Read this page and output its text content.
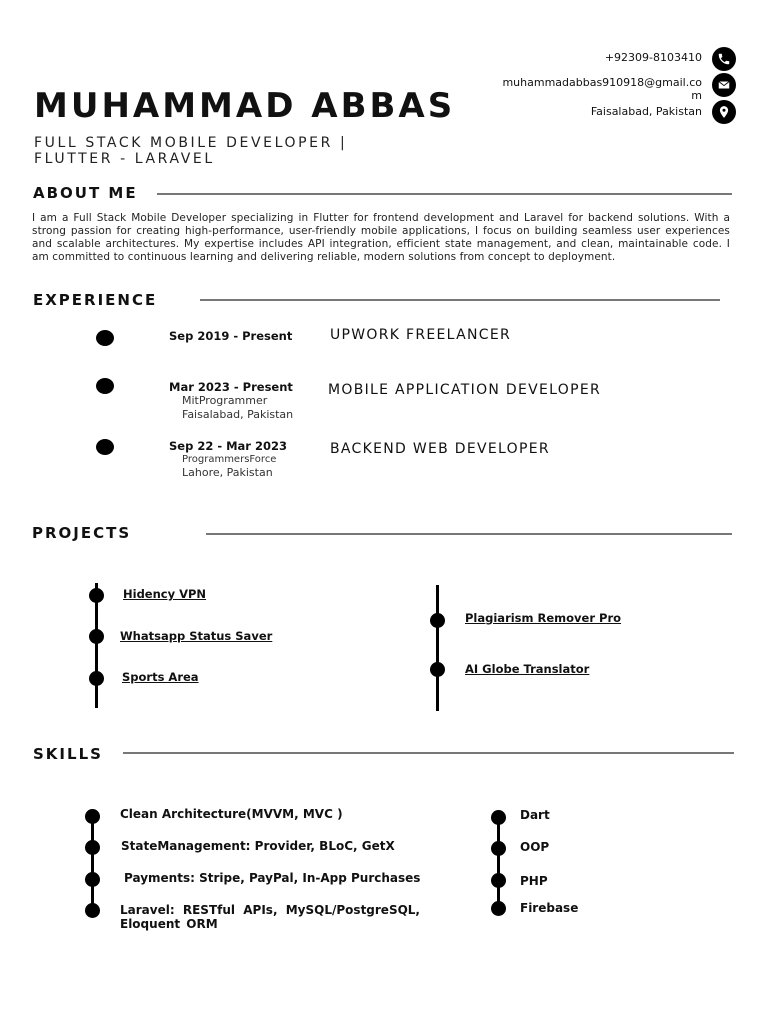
MUHAMMAD ABBAS
FULL STACK MOBILE DEVELOPER |
FLUTTER - LARAVEL
+92309-8103410
muhammadabbas910918@gmail.co
m
Faisalabad, Pakistan
ABOUT ME

I am a Full Stack Mobile Developer specializing in Flutter for frontend development and Laravel for backend solutions. With a strong passion for creating high-performance, user-friendly mobile applications, I focus on building seamless user experiences and scalable architectures. My expertise includes API integration, efficient state management, and clean, maintainable code. I am committed to continuous learning and delivering reliable, modern solutions from concept to deployment.

EXPERIENCE
Sep 2019 - Present	UPWORK FREELANCER
Mar 2023 - Present
MitProgrammer
Faisalabad, Pakistan
MOBILE APPLICATION DEVELOPER
Sep 22 - Mar 2023
ProgrammersForce
Lahore, Pakistan
BACKEND WEB DEVELOPER
PROJECTS
Hidency VPN
Whatsapp Status Saver
Sports Area
Plagiarism Remover Pro
AI Globe Translator
SKILLS
Clean Architecture(MVVM, MVC )
StateManagement: Provider, BLoC, GetX
Payments: Stripe, PayPal, In-App Purchases
Laravel: RESTful APIs, MySQL/PostgreSQL, Eloquent ORM
Dart
OOP
PHP
Firebase
